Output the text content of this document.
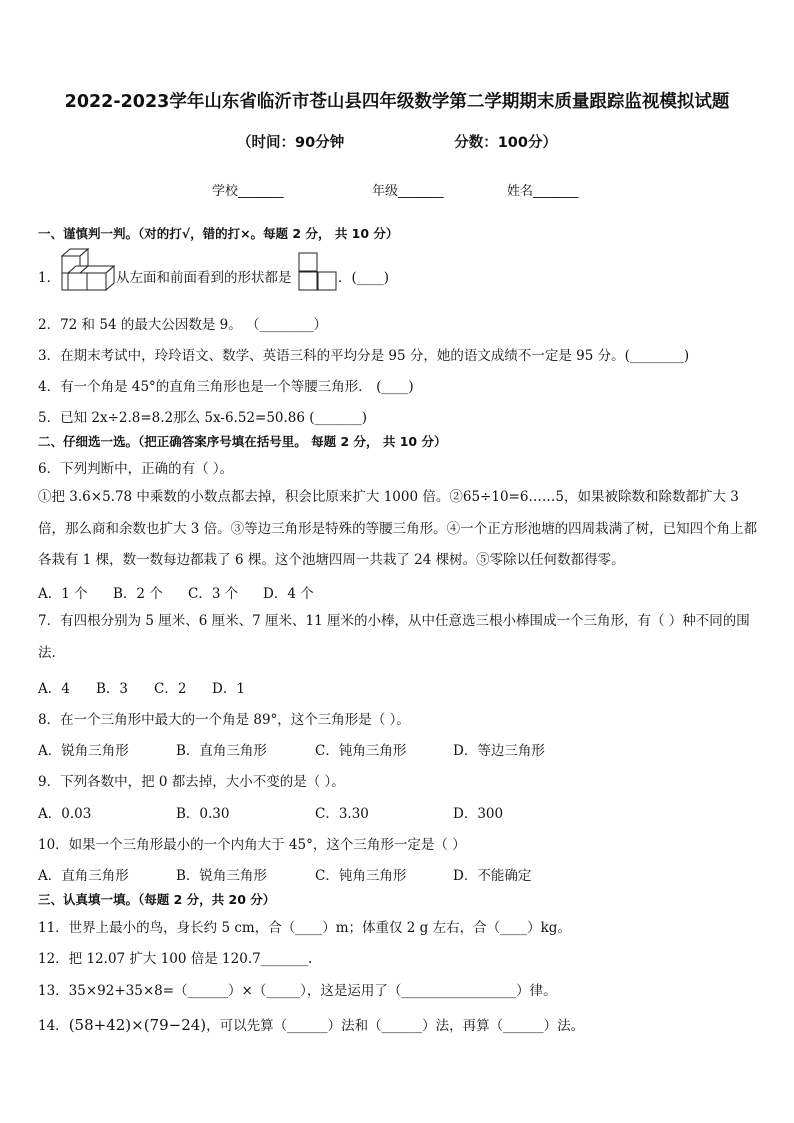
2022-2023学年山东省临沂市苍山县四年级数学第二学期期末质量跟踪监视模拟试题
（时间：90分钟	分数：100分）
学校_______	年级_______	姓名_______
一、谨慎判一判。（对的打√，错的打×。每题 2 分， 共 10 分）
1．	从左面和前面看到的形状都是	．(____)
2．72 和 54 的最大公因数是 9。 （________）
3．在期末考试中，玲玲语文、数学、英语三科的平均分是 95 分，她的语文成绩不一定是 95 分。(________)
4．有一个角是 45°的直角三角形也是一个等腰三角形． (____)
5．已知 2x÷2.8=8.2那么 5x-6.52=50.86 (_______)
二、仔细选一选。（把正确答案序号填在括号里。 每题 2 分， 共 10 分）
6．下列判断中，正确的有（ ）。
①把 3.6×5.78 中乘数的小数点都去掉，积会比原来扩大 1000 倍。②65÷10=6……5，如果被除数和除数都扩大 3 倍，那么商和余数也扩大 3 倍。③等边三角形是特殊的等腰三角形。④一个正方形池塘的四周栽满了树，已知四个角上都各栽有 1 棵，数一数每边都栽了 6 棵。这个池塘四周一共栽了 24 棵树。⑤零除以任何数都得零。
A．1 个 B．2 个 C．3 个 D．4 个
7．有四根分别为 5 厘米、6 厘米、7 厘米、11 厘米的小棒，从中任意选三根小棒围成一个三角形，有（ ）种不同的围法.
A．4 B．3 C．2 D．1
8．在一个三角形中最大的一个角是 89°，这个三角形是（ ）。
A．锐角三角形	B．直角三角形	C．钝角三角形	D．等边三角形
9．下列各数中，把 0 都去掉，大小不变的是（ ）。
A．0.03	B．0.30	C．3.30	D．300
10．如果一个三角形最小的一个内角大于 45°，这个三角形一定是（ ）
A．直角三角形	B．锐角三角形	C．钝角三角形	D．不能确定
三、认真填一填。（每题 2 分，共 20 分）
11．世界上最小的鸟，身长约 5 cm，合（____）m；体重仅 2 g 左右，合（____）kg。
12．把 12.07 扩大 100 倍是 120.7_______.
13．35×92+35×8=（______）×（_____），这是运用了（_________________）律。
14．(58+42)×(79−24)，可以先算（______）法和（______）法，再算（______）法。
